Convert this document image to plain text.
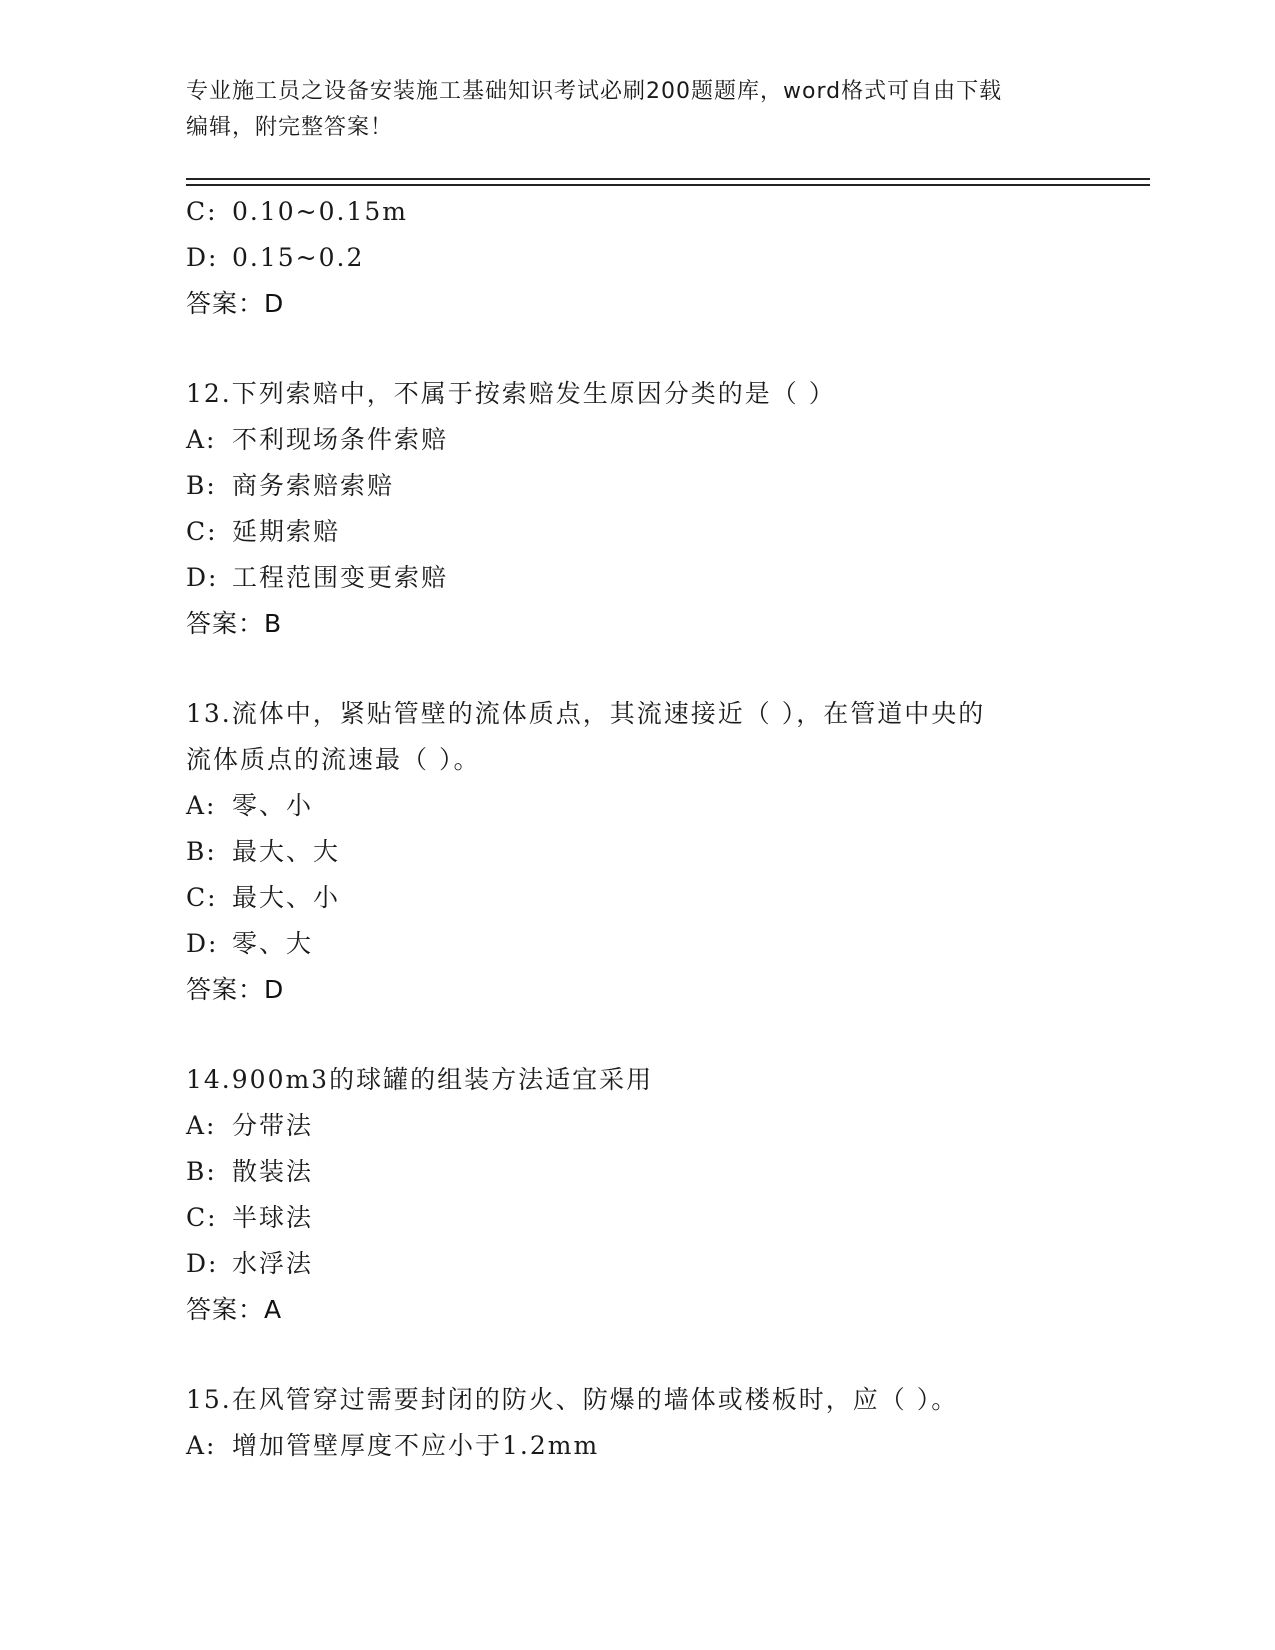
专业施工员之设备安装施工基础知识考试必刷200题题库，word格式可自由下载
编辑，附完整答案！
C: 0.10~0.15m
D: 0.15~0.2
答案：D
12.下列索赔中，不属于按索赔发生原因分类的是（ ）
A: 不利现场条件索赔
B: 商务索赔索赔
C: 延期索赔
D: 工程范围变更索赔
答案：B
13.流体中，紧贴管壁的流体质点，其流速接近（ ），在管道中央的
流体质点的流速最（ ）。
A: 零、小
B: 最大、大
C: 最大、小
D: 零、大
答案：D
14.900m3的球罐的组装方法适宜采用
A: 分带法
B: 散装法
C: 半球法
D: 水浮法
答案：A
15.在风管穿过需要封闭的防火、防爆的墙体或楼板时，应（ ）。
A: 增加管壁厚度不应小于1.2mm
